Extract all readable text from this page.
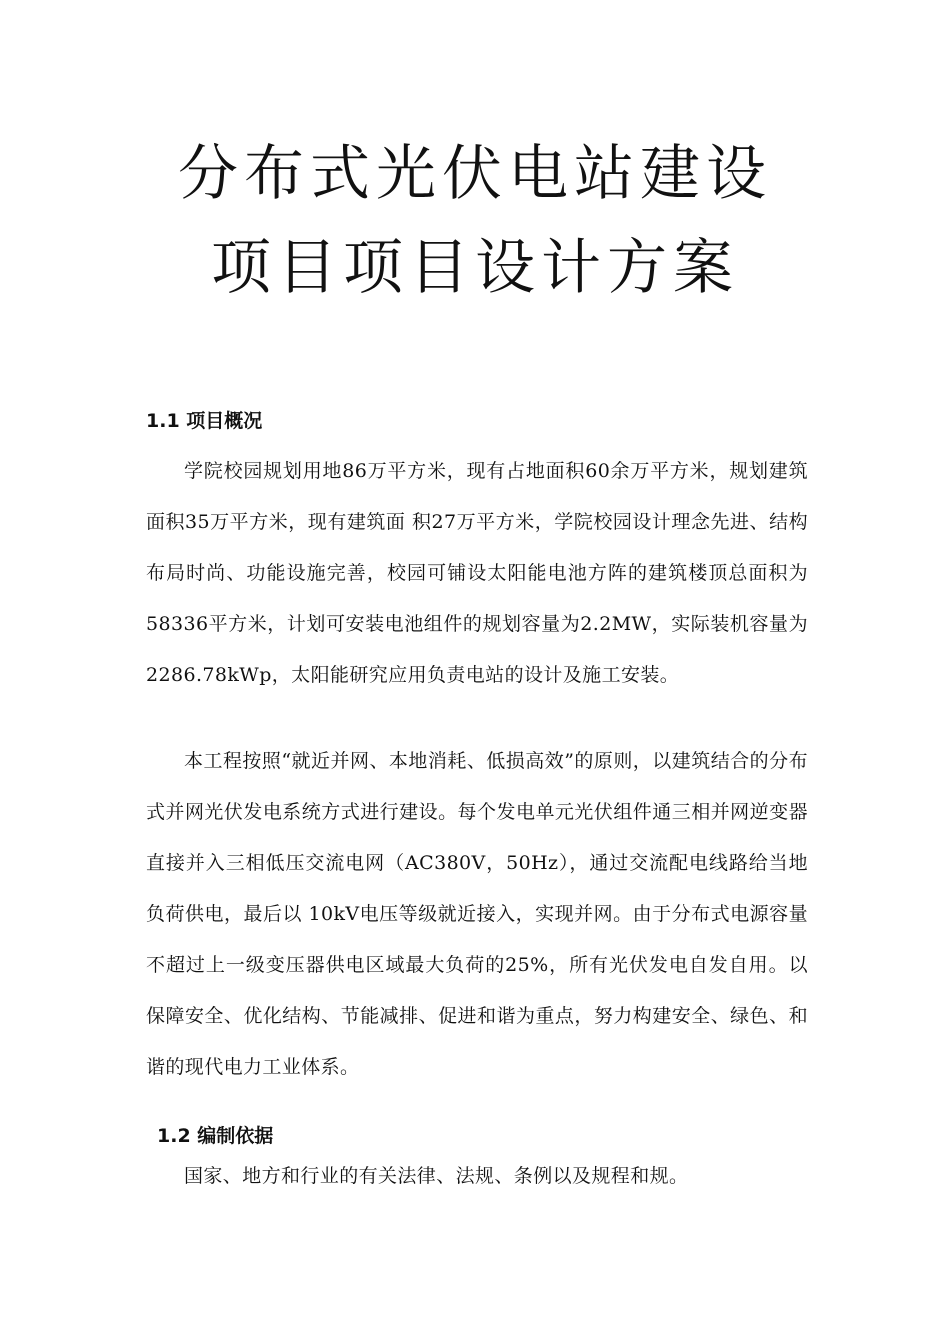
分布式光伏电站建设
项目项目设计方案
1.1 项目概况

学院校园规划用地86万平方米，现有占地面积60余万平方米，规划建筑面积35万平方米，现有建筑面 积27万平方米，学院校园设计理念先进、结构布局时尚、功能设施完善，校园可铺设太阳能电池方阵的建筑楼顶总面积为58336平方米，计划可安装电池组件的规划容量为2.2MW，实际装机容量为2286.78kWp，太阳能研究应用负责电站的设计及施工安装。

本工程按照“就近并网、本地消耗、低损高效”的原则，以建筑结合的分布式并网光伏发电系统方式进行建设。每个发电单元光伏组件通三相并网逆变器直接并入三相低压交流电网（AC380V，50Hz），通过交流配电线路给当地负荷供电，最后以 10kV电压等级就近接入，实现并网。由于分布式电源容量不超过上一级变压器供电区域最大负荷的25%，所有光伏发电自发自用。以保障安全、优化结构、节能减排、促进和谐为重点，努力构建安全、绿色、和谐的现代电力工业体系。

1.2 编制依据

国家、地方和行业的有关法律、法规、条例以及规程和规。
